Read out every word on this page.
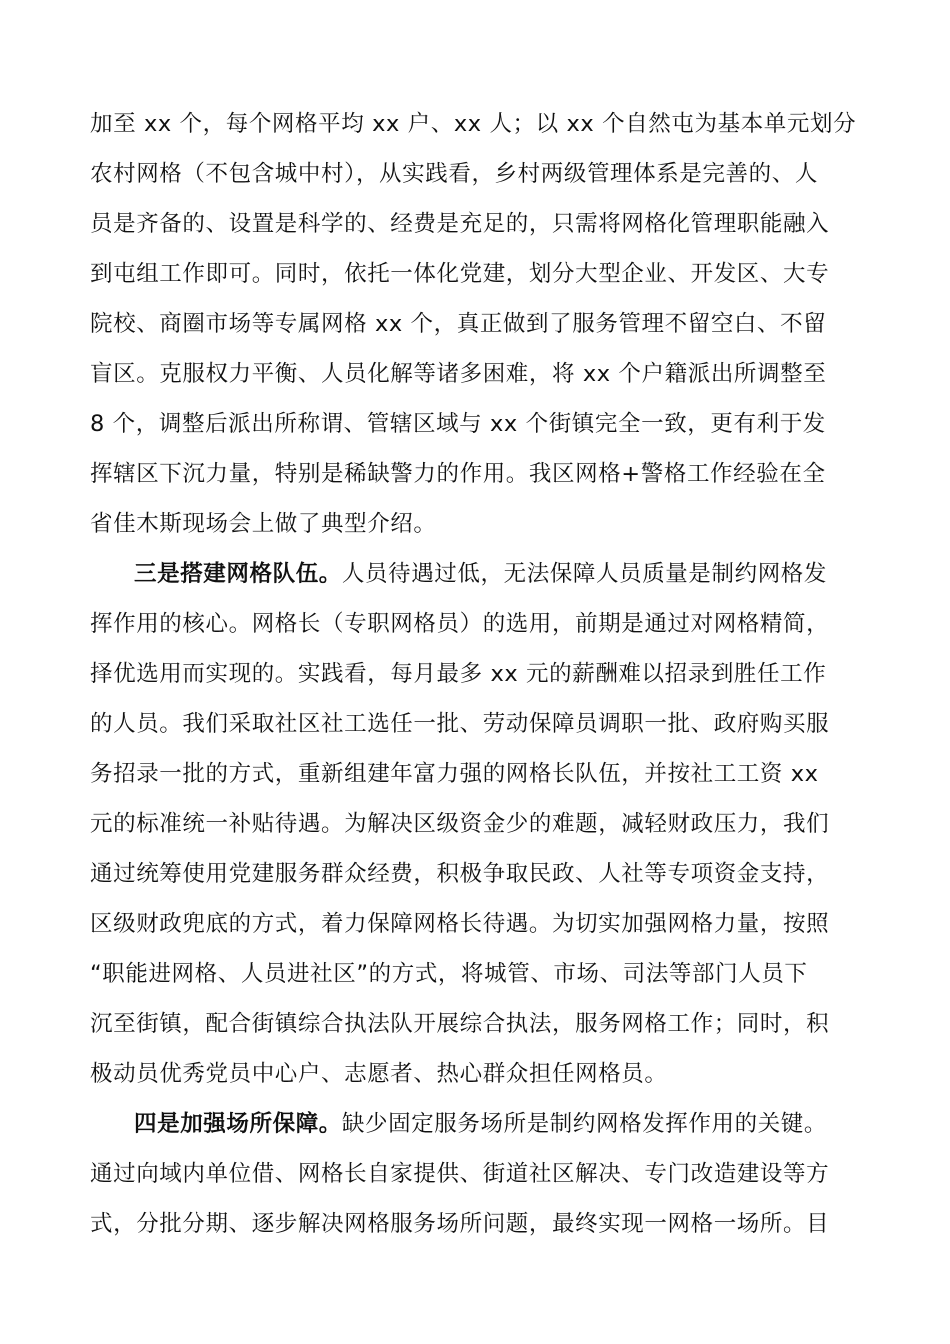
加至 xx 个，每个网格平均 xx 户、xx 人；以 xx 个自然屯为基本单元划分
农村网格（不包含城中村），从实践看，乡村两级管理体系是完善的、人
员是齐备的、设置是科学的、经费是充足的，只需将网格化管理职能融入
到屯组工作即可。同时，依托一体化党建，划分大型企业、开发区、大专
院校、商圈市场等专属网格 xx 个，真正做到了服务管理不留空白、不留
盲区。克服权力平衡、人员化解等诸多困难，将 xx 个户籍派出所调整至
8 个，调整后派出所称谓、管辖区域与 xx 个街镇完全一致，更有利于发
挥辖区下沉力量，特别是稀缺警力的作用。我区网格+警格工作经验在全
省佳木斯现场会上做了典型介绍。
三是搭建网格队伍。人员待遇过低，无法保障人员质量是制约网格发
挥作用的核心。网格长（专职网格员）的选用，前期是通过对网格精简，
择优选用而实现的。实践看，每月最多 xx 元的薪酬难以招录到胜任工作
的人员。我们采取社区社工选任一批、劳动保障员调职一批、政府购买服
务招录一批的方式，重新组建年富力强的网格长队伍，并按社工工资 xx
元的标准统一补贴待遇。为解决区级资金少的难题，减轻财政压力，我们
通过统筹使用党建服务群众经费，积极争取民政、人社等专项资金支持，
区级财政兜底的方式，着力保障网格长待遇。为切实加强网格力量，按照
“职能进网格、人员进社区”的方式，将城管、市场、司法等部门人员下
沉至街镇，配合街镇综合执法队开展综合执法，服务网格工作；同时，积
极动员优秀党员中心户、志愿者、热心群众担任网格员。
四是加强场所保障。缺少固定服务场所是制约网格发挥作用的关键。
通过向域内单位借、网格长自家提供、街道社区解决、专门改造建设等方
式，分批分期、逐步解决网格服务场所问题，最终实现一网格一场所。目
